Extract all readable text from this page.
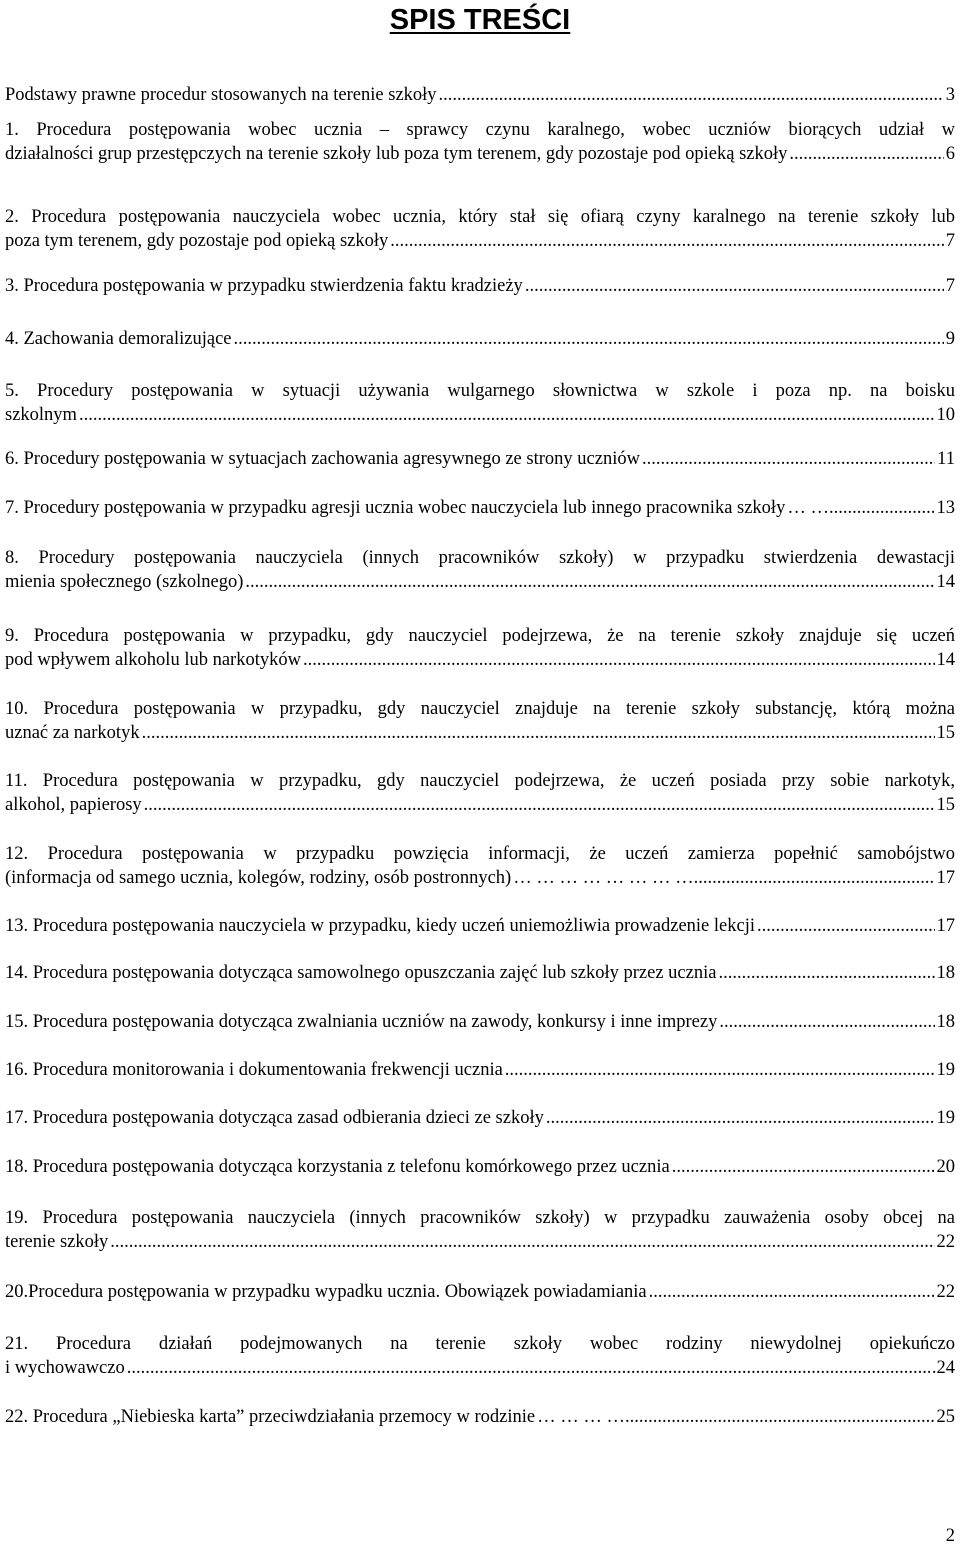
SPIS TREŚCI
Podstawy prawne procedur stosowanych na terenie szkoły ...................................................................................... .....	3
1. Procedura postępowania wobec ucznia – sprawcy czynu karalnego, wobec uczniów biorących udział w
działalności grup przestępczych na terenie szkoły lub poza tym terenem, gdy pozostaje pod opieką szkoły ...... .....	6
2. Procedura postępowania nauczyciela wobec ucznia, który stał się ofiarą czyny karalnego na terenie szkoły lub
poza tym terenem, gdy pozostaje pod opieką szkoły ....................................................................................... .....	7
3. Procedura postępowania w przypadku stwierdzenia faktu kradzieży ...................................................................... .....	7
4. Zachowania demoralizujące ........................................................................................................................................... .....	9
5. Procedury postępowania w sytuacji używania wulgarnego słownictwa w szkole i poza np. na boisku
szkolnym ............................................................................................................................................................................ .....	10
6. Procedury postępowania w sytuacjach zachowania agresywnego ze strony uczniów ............................. .....	11
7. Procedury postępowania w przypadku agresji ucznia wobec nauczyciela lub innego pracownika szkoły … … .....	13
8. Procedury postępowania nauczyciela (innych pracowników szkoły) w przypadku stwierdzenia dewastacji
mienia społecznego (szkolnego) ...................................................................................................................... .....	14
9. Procedura postępowania w przypadku, gdy nauczyciel podejrzewa, że na terenie szkoły znajduje się uczeń
pod wpływem alkoholu lub narkotyków ........................................................................................................... .....	14
10. Procedura postępowania w przypadku, gdy nauczyciel znajduje na terenie szkoły substancję, którą można
uznać za narkotyk ................................................................................................................................................. .....	15
11. Procedura postępowania w przypadku, gdy nauczyciel podejrzewa, że uczeń posiada przy sobie narkotyk,
alkohol, papierosy ............................................................................................................................................... .....	15
12. Procedura postępowania w przypadku powzięcia informacji, że uczeń zamierza popełnić samobójstwo
(informacja od samego ucznia, kolegów, rodziny, osób postronnych) … … … … … … … …...... .....	17
13. Procedura postępowania nauczyciela w przypadku, kiedy uczeń uniemożliwia prowadzenie lekcji ........ .....	17
14. Procedura postępowania dotycząca samowolnego opuszczania zajęć lub szkoły przez ucznia .................. .....	18
15. Procedura postępowania dotycząca zwalniania uczniów na zawody, konkursy i inne imprezy ................... .....	18
16. Procedura monitorowania i dokumentowania frekwencji ucznia .................................................................. .....	19
17. Procedura postępowania dotycząca zasad odbierania dzieci ze szkoły ..................................................... .....	19
18. Procedura postępowania dotycząca korzystania z telefonu komórkowego przez ucznia ................................ .....	20
19. Procedura postępowania nauczyciela (innych pracowników szkoły) w przypadku zauważenia osoby obcej na
terenie szkoły ....................................................................................................................................................... .....	22
20.Procedura postępowania w przypadku wypadku ucznia. Obowiązek powiadamiania ................................ .....	22
21. Procedura działań podejmowanych na terenie szkoły wobec rodziny niewydolnej opiekuńczo
i wychowawczo .................................................................................................................................................... .....	.24
22. Procedura „Niebieska karta” przeciwdziałania przemocy w rodzinie … … … … .....	25
2
